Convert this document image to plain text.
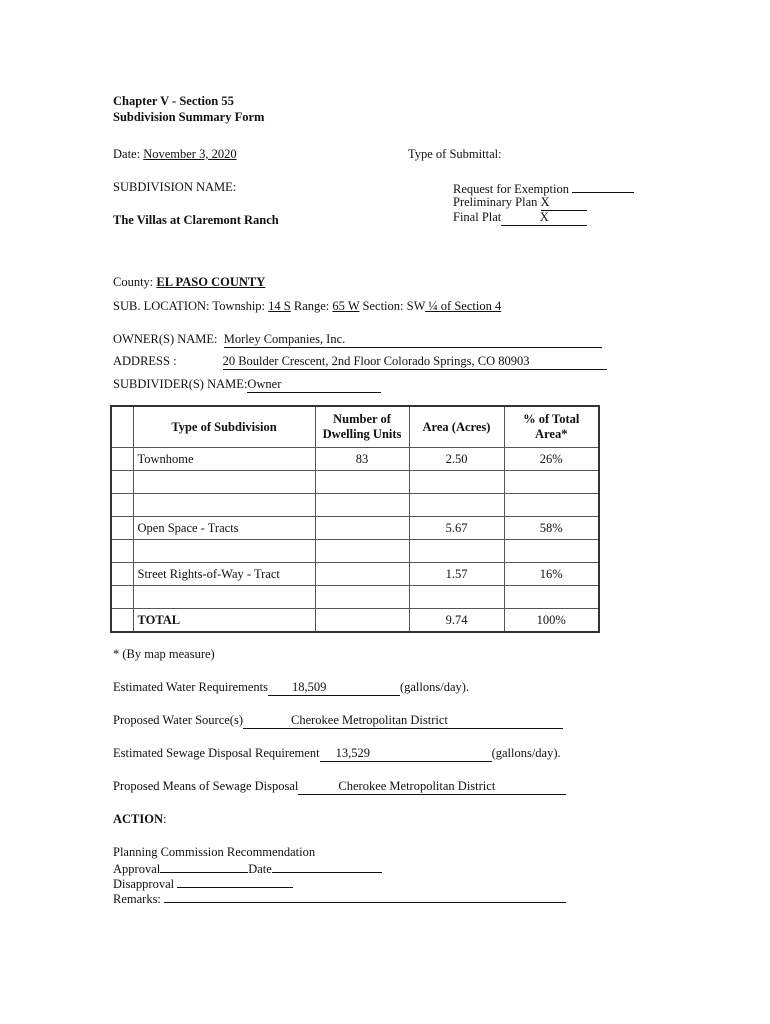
Chapter V - Section 55
Subdivision Summary Form
Date: November 3, 2020	Type of Submittal:
Request for Exemption
Preliminary Plan X
Final Plat	X
SUBDIVISION NAME:
The Villas at Claremont Ranch
County: EL PASO COUNTY
SUB. LOCATION: Township: 14 S Range: 65 W Section: SW ¼ of Section 4
OWNER(S) NAME:  Morley Companies, Inc.
ADDRESS :	20 Boulder Crescent, 2nd Floor Colorado Springs, CO 80903
SUBDIVIDER(S) NAME:Owner
	Type of Subdivision	Number of Dwelling Units	Area (Acres)	% of Total Area*
	Townhome	83	2.50	26%

	Open Space - Tracts		5.67	58%

	Street Rights-of-Way - Tract		1.57	16%

	TOTAL		9.74	100%
* (By map measure)
Estimated Water Requirements 18,509	(gallons/day).
Proposed Water Source(s)	Cherokee Metropolitan District
Estimated Sewage Disposal Requirement 13,529	(gallons/day).
Proposed Means of Sewage Disposal	Cherokee Metropolitan District
ACTION:
Planning Commission Recommendation
Approval	Date
Disapproval
Remarks:
